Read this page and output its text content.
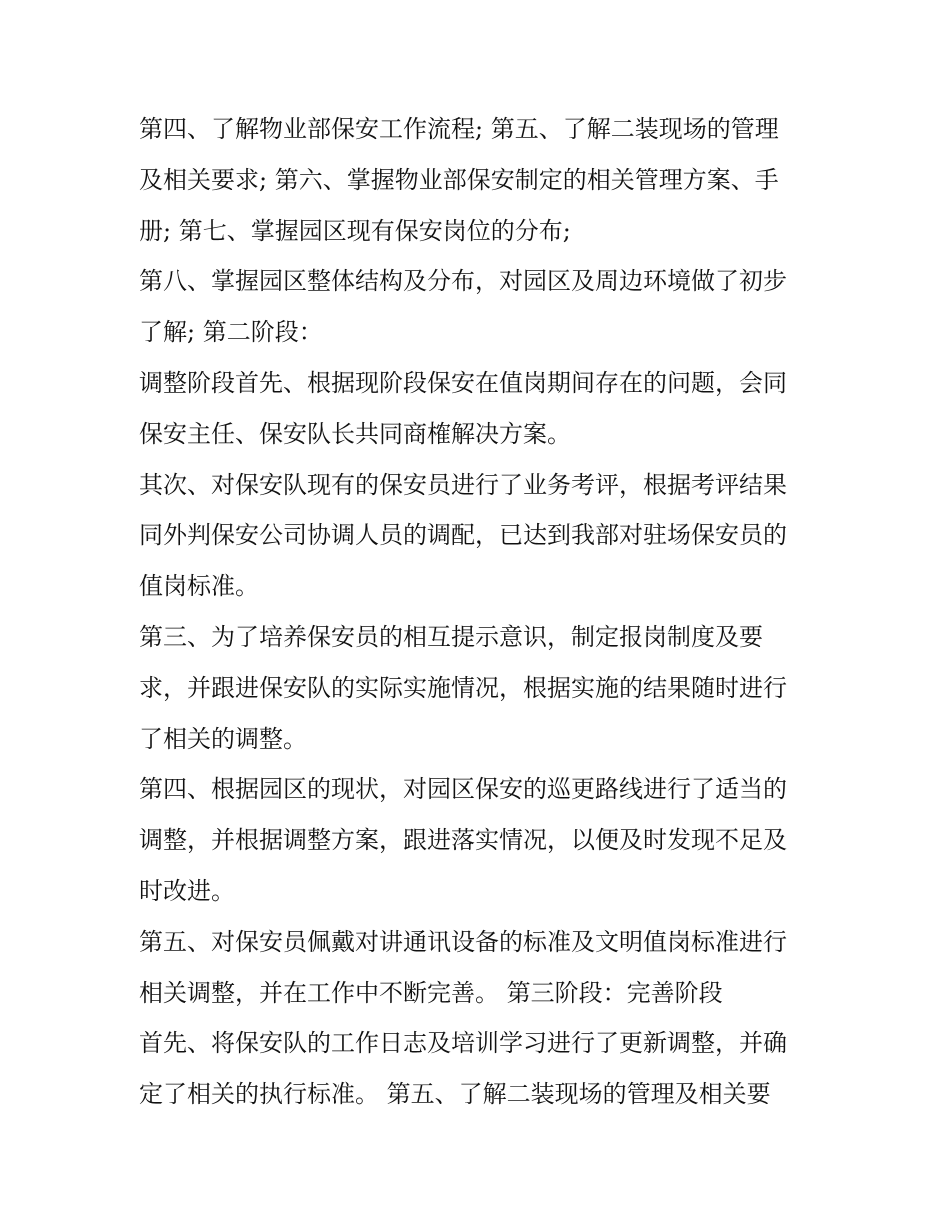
第四、了解物业部保安工作流程; 第五、了解二装现场的管理
及相关要求; 第六、掌握物业部保安制定的相关管理方案、手
册; 第七、掌握园区现有保安岗位的分布;

第八、掌握园区整体结构及分布，对园区及周边环境做了初步
了解; 第二阶段：

调整阶段首先、根据现阶段保安在值岗期间存在的问题，会同
保安主任、保安队长共同商榷解决方案。

其次、对保安队现有的保安员进行了业务考评，根据考评结果
同外判保安公司协调人员的调配，已达到我部对驻场保安员的
值岗标准。

第三、为了培养保安员的相互提示意识，制定报岗制度及要
求，并跟进保安队的实际实施情况，根据实施的结果随时进行
了相关的调整。

第四、根据园区的现状，对园区保安的巡更路线进行了适当的
调整，并根据调整方案，跟进落实情况，以便及时发现不足及
时改进。

第五、对保安员佩戴对讲通讯设备的标准及文明值岗标准进行
相关调整，并在工作中不断完善。 第三阶段：完善阶段

首先、将保安队的工作日志及培训学习进行了更新调整，并确
定了相关的执行标准。 第五、了解二装现场的管理及相关要
